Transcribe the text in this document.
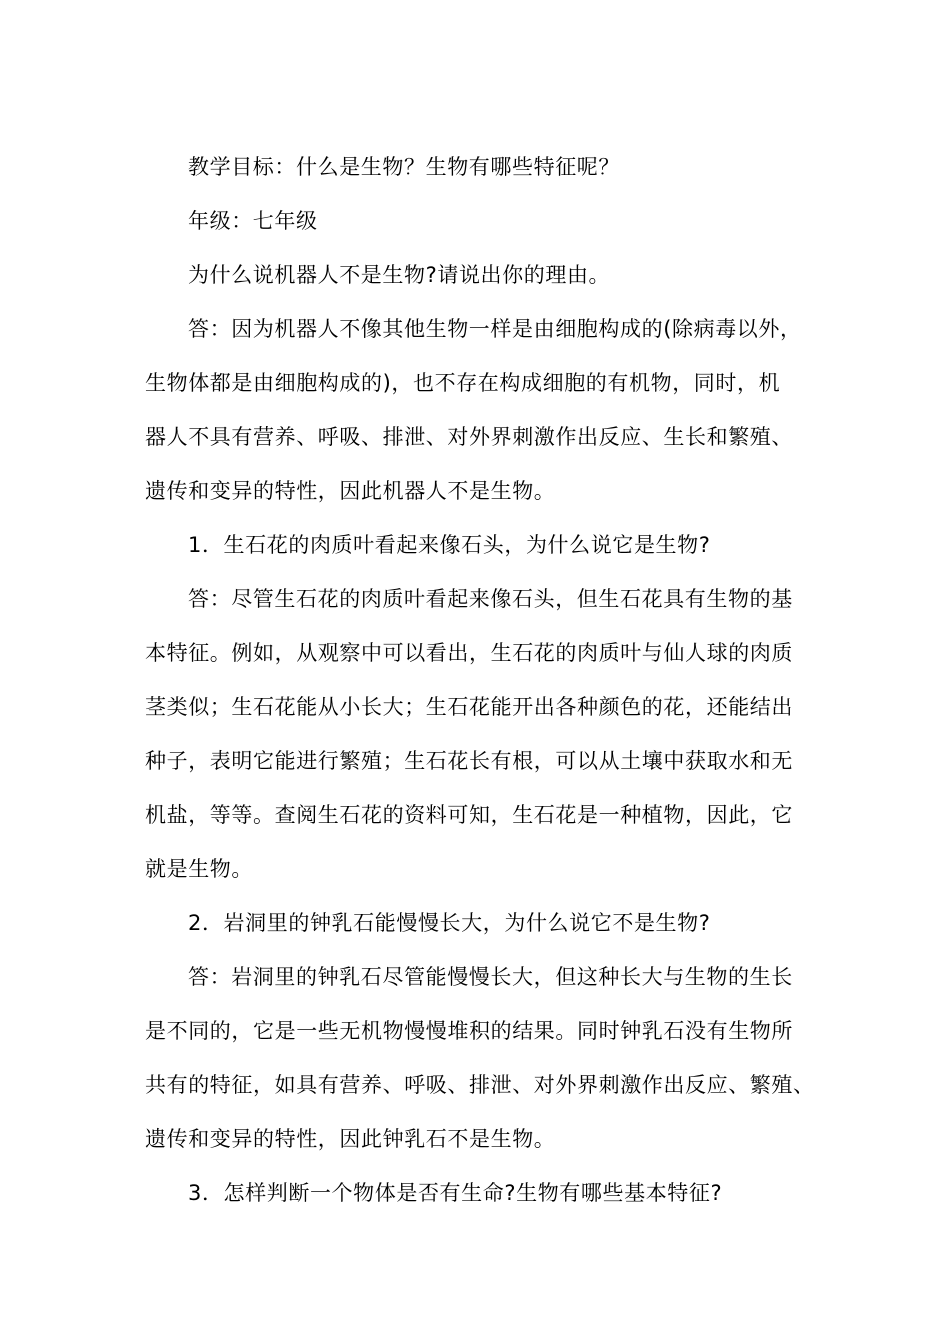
教学目标：什么是生物？生物有哪些特征呢？
年级：七年级
为什么说机器人不是生物?请说出你的理由。
答：因为机器人不像其他生物一样是由细胞构成的(除病毒以外，
生物体都是由细胞构成的)，也不存在构成细胞的有机物，同时，机
器人不具有营养、呼吸、排泄、对外界刺激作出反应、生长和繁殖、
遗传和变异的特性，因此机器人不是生物。
1．生石花的肉质叶看起来像石头，为什么说它是生物?
答：尽管生石花的肉质叶看起来像石头，但生石花具有生物的基
本特征。例如，从观察中可以看出，生石花的肉质叶与仙人球的肉质
茎类似；生石花能从小长大；生石花能开出各种颜色的花，还能结出
种子，表明它能进行繁殖；生石花长有根，可以从土壤中获取水和无
机盐，等等。查阅生石花的资料可知，生石花是一种植物，因此，它
就是生物。
2．岩洞里的钟乳石能慢慢长大，为什么说它不是生物?
答：岩洞里的钟乳石尽管能慢慢长大，但这种长大与生物的生长
是不同的，它是一些无机物慢慢堆积的结果。同时钟乳石没有生物所
共有的特征，如具有营养、呼吸、排泄、对外界刺激作出反应、繁殖、
遗传和变异的特性，因此钟乳石不是生物。
3．怎样判断一个物体是否有生命?生物有哪些基本特征?
